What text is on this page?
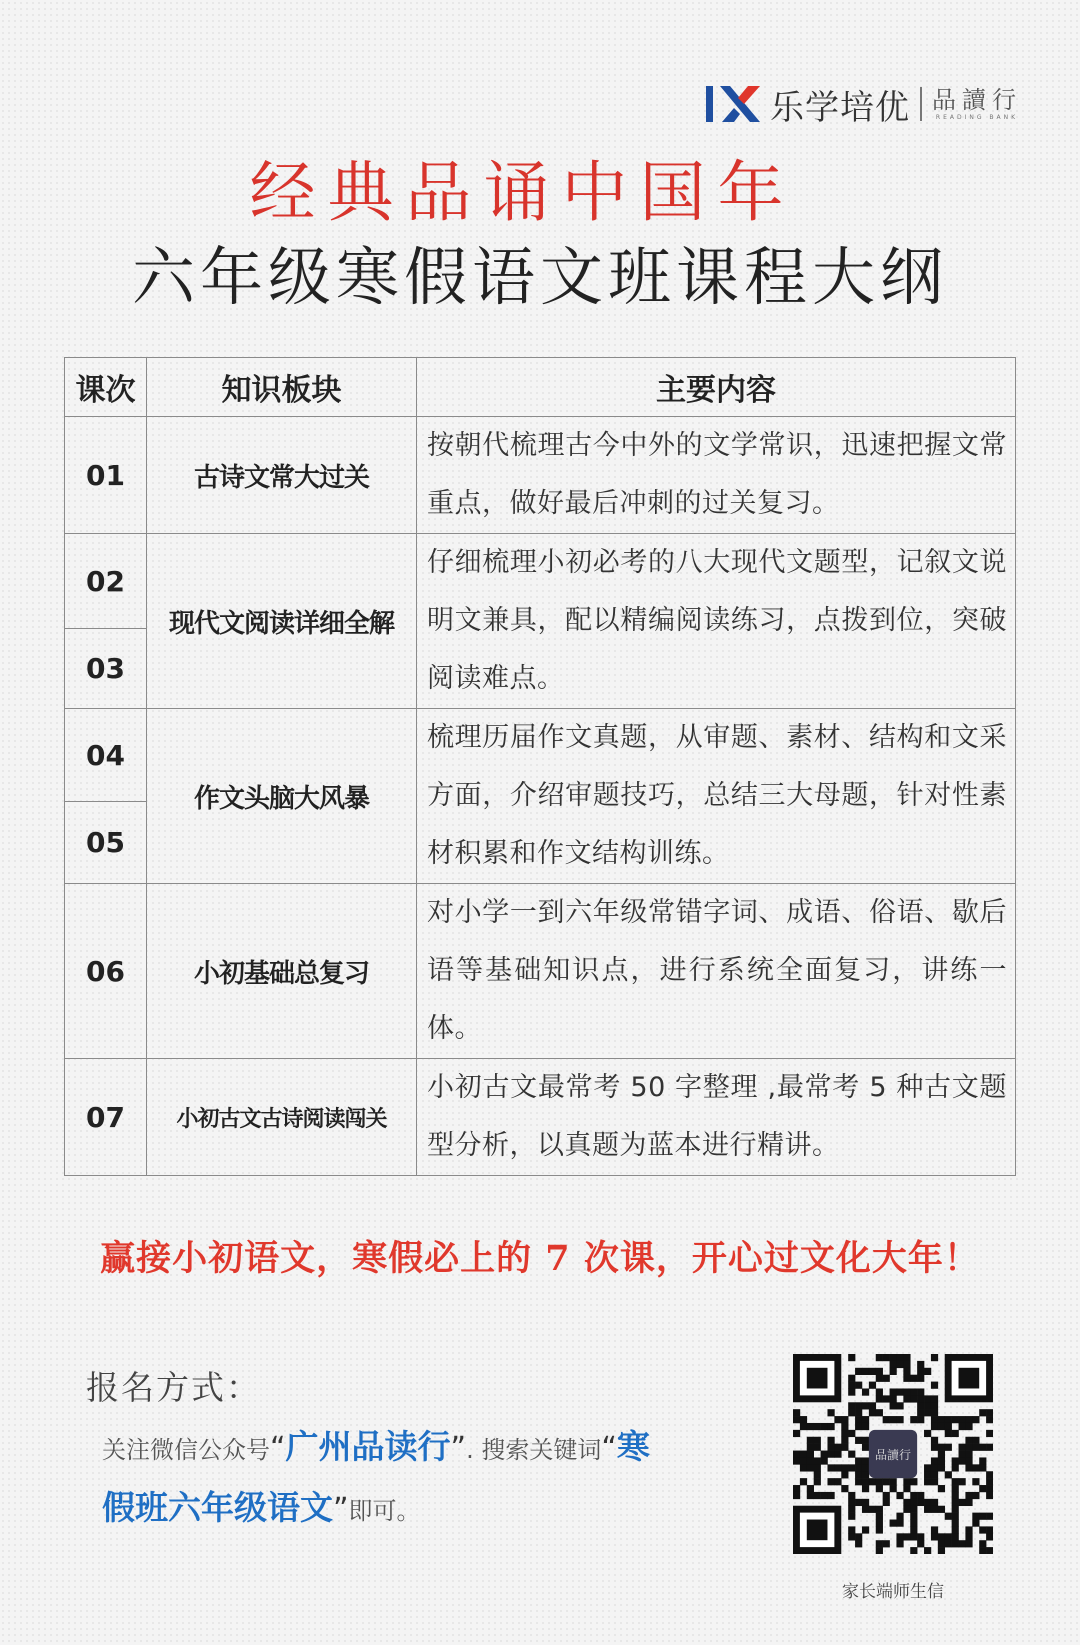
乐学培优 品讀行
READING BANK
经典品诵中国年
六年级寒假语文班课程大纲
课次	知识板块	主要内容
01	古诗文常大过关	按朝代梳理古今中外的文学常识，迅速把握文常重点，做好最后冲刺的过关复习。
02	现代文阅读详细全解	仔细梳理小初必考的八大现代文题型，记叙文说明文兼具，配以精编阅读练习，点拨到位，突破阅读难点。
03		
04	作文头脑大风暴	梳理历届作文真题，从审题、素材、结构和文采方面，介绍审题技巧，总结三大母题，针对性素材积累和作文结构训练。
05		
06	小初基础总复习	对小学一到六年级常错字词、成语、俗语、歇后语等基础知识点，进行系统全面复习，讲练一体。
07	小初古文古诗阅读闯关	小初古文最常考 50 字整理 ,最常考 5 种古文题型分析，以真题为蓝本进行精讲。
赢接小初语文，寒假必上的 7 次课，开心过文化大年！
报名方式：
关注微信公众号“广州品读行”. 搜索关键词“寒假班六年级语文”即可。
品讀行
家长端师生信
